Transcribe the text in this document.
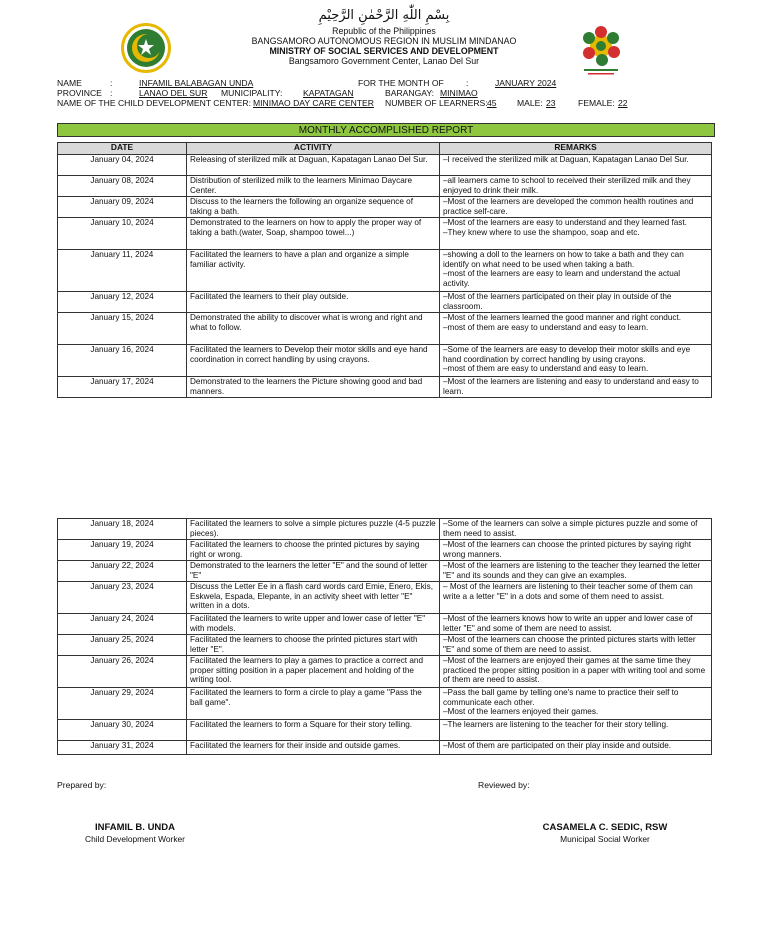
بِسْمِ اللّٰهِ الرَّحْمٰنِ الرَّحِيْمِ
Republic of the Philippines
BANGSAMORO AUTONOMOUS REGION IN MUSLIM MINDANAO
MINISTRY OF SOCIAL SERVICES AND DEVELOPMENT
Bangsamoro Government Center, Lanao Del Sur
NAME	:	INFAMIL BALABAGAN UNDA	FOR THE MONTH OF	:	JANUARY 2024
PROVINCE :	LANAO DEL SUR MUNICIPALITY: KAPATAGAN	BARANGAY: MINIMAO
NAME OF THE CHILD DEVELOPMENT CENTER: MINIMAO DAY CARE CENTER NUMBER OF LEARNERS: 45	MALE: 23	FEMALE: 22
MONTHLY ACCOMPLISHED REPORT
DATE	ACTIVITY	REMARKS
January 04, 2024	Releasing of sterilized milk at Daguan, Kapatagan Lanao Del Sur.	–I received the sterilized milk at Daguan, Kapatagan Lanao Del Sur.
January 08, 2024	Distribution of sterilized milk to the learners Minimao Daycare Center.	–all learners came to school to received their sterilized milk and they enjoyed to drink their milk.
January 09, 2024	Discuss to the learners the following an organize sequence of taking a bath.	–Most of the learners are developed the common health routines and practice self-care.
January 10, 2024	Demonstrated to the learners on how to apply the proper way of taking a bath.(water, Soap, shampoo towel...)	–Most of the learners are easy to understand and they learned fast.
–They knew where to use the shampoo, soap and etc.
January 11, 2024	Facilitated the learners to have a plan and organize a simple familiar activity.	–showing a doll to the learners on how to take a bath and they can identify on what need to be used when taking a bath.
–most of the learners are easy to learn and understand the actual activity.
January 12, 2024	Facilitated the learners to their play outside.	–Most of the learners participated on their play in outside of the classroom.
January 15, 2024	Demonstrated the ability to discover what is wrong and right and what to follow.	–Most of the learners learned the good manner and right conduct.
–most of them are easy to understand and easy to learn.
January 16, 2024	Facilitated the learners to Develop their motor skills and eye hand coordination in correct handling by using crayons.	–Some of the learners are easy to develop their motor skills and eye hand coordination by correct handling by using crayons.
–most of them are easy to understand and easy to learn.
January 17, 2024	Demonstrated to the learners the Picture showing good and bad manners.	–Most of the learners are listening and easy to understand and easy to learn.
January 18, 2024	Facilitated the learners to solve a simple pictures puzzle (4-5 puzzle pieces).	–Some of the learners can solve a simple pictures puzzle and some of them need to assist.
January 19, 2024	Facilitated the learners to choose the printed pictures by saying right or wrong.	–Most of the learners can choose the printed pictures by saying right wrong manners.
January 22, 2024	Demonstrated to the learners the letter "E" and the sound of letter "E"	–Most of the learners are listening to the teacher they learned the letter "E" and its sounds and they can give an examples.
January 23, 2024	Discuss the Letter Ee in a flash card words card Emie, Enero, Ekis, Eskwela, Espada, Elepante, in an activity sheet with letter "E" written in a dots.	– Most of the learners are listening to their teacher some of them can write a a letter "E" in a dots and some of them need to assist.
January 24, 2024	Facilitated the learners to write upper and lower case of letter "E" with models.	–Most of the learners knows how to write an upper and lower case of letter "E" and some of them are need to assist.
January 25, 2024	Facilitated the learners to choose the printed pictures start with letter "E".	–Most of the learners can choose the printed pictures starts with letter "E" and some of them are need to assist.
January 26, 2024	Facilitated the learners to play a games to practice a correct and proper sitting position in a paper placement and holding of the writing tool.	–Most of the learners are enjoyed their games at the same time they practiced the proper sitting position in a paper with writing tool and some of them are need to assist.
January 29, 2024	Facilitated the learners to form a circle to play a game "Pass the ball game".	–Pass the ball game by telling one's name to practice their self to communicate each other.
–Most of the learners enjoyed their games.
January 30, 2024	Facilitated the learners to form a Square for their story telling.	–The learners are listening to the teacher for their story telling.
January 31, 2024	Facilitated the learners for their inside and outside games.	–Most of them are participated on their play inside and outside.
Prepared by:	Reviewed by:
INFAMIL B. UNDA
Child Development Worker
CASAMELA C. SEDIC, RSW
Municipal Social Worker
